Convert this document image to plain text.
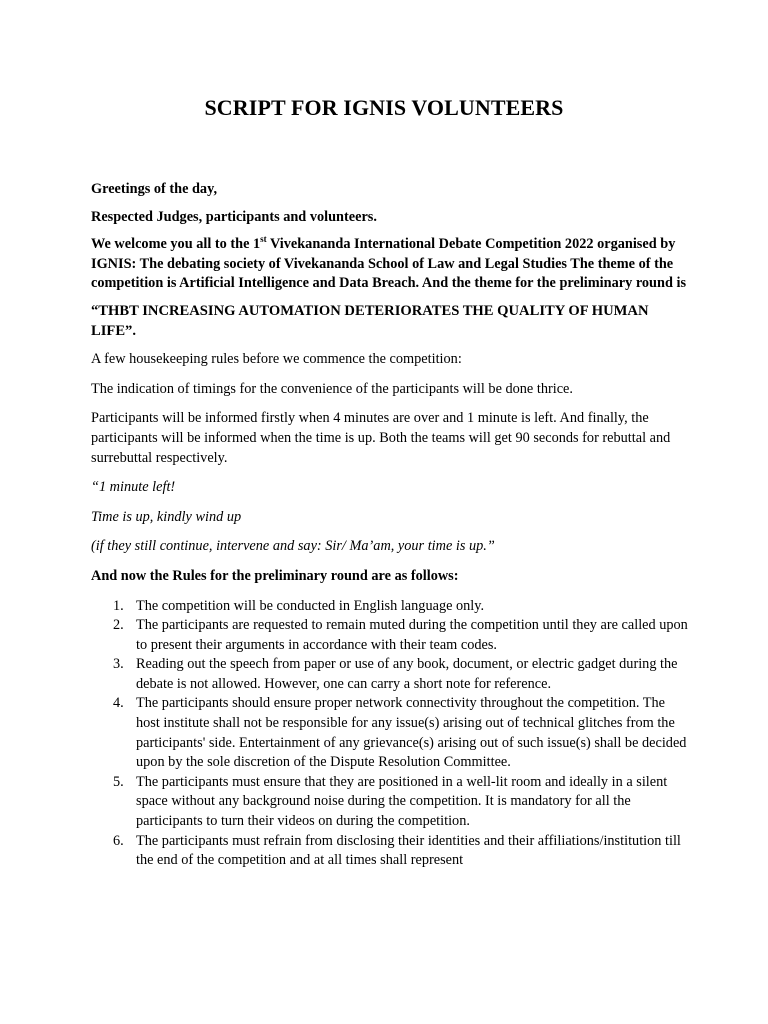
SCRIPT FOR IGNIS VOLUNTEERS

Greetings of the day,

Respected Judges, participants and volunteers.

We welcome you all to the 1st Vivekananda International Debate Competition 2022 organised by IGNIS: The debating society of Vivekananda School of Law and Legal Studies The theme of the competition is Artificial Intelligence and Data Breach. And the theme for the preliminary round is

“THBT INCREASING AUTOMATION DETERIORATES THE QUALITY OF HUMAN LIFE”.

A few housekeeping rules before we commence the competition:

The indication of timings for the convenience of the participants will be done thrice.

Participants will be informed firstly when 4 minutes are over and 1 minute is left. And finally, the participants will be informed when the time is up. Both the teams will get 90 seconds for rebuttal and surrebuttal respectively.

“1 minute left!

Time is up, kindly wind up

(if they still continue, intervene and say: Sir/ Ma’am, your time is up.”

And now the Rules for the preliminary round are as follows:

1. The competition will be conducted in English language only.
2. The participants are requested to remain muted during the competition until they are called upon to present their arguments in accordance with their team codes.
3. Reading out the speech from paper or use of any book, document, or electric gadget during the debate is not allowed. However, one can carry a short note for reference.
4. The participants should ensure proper network connectivity throughout the competition. The host institute shall not be responsible for any issue(s) arising out of technical glitches from the participants' side. Entertainment of any grievance(s) arising out of such issue(s) shall be decided upon by the sole discretion of the Dispute Resolution Committee.
5. The participants must ensure that they are positioned in a well-lit room and ideally in a silent space without any background noise during the competition. It is mandatory for all the participants to turn their videos on during the competition.
6. The participants must refrain from disclosing their identities and their affiliations/institution till the end of the competition and at all times shall represent
